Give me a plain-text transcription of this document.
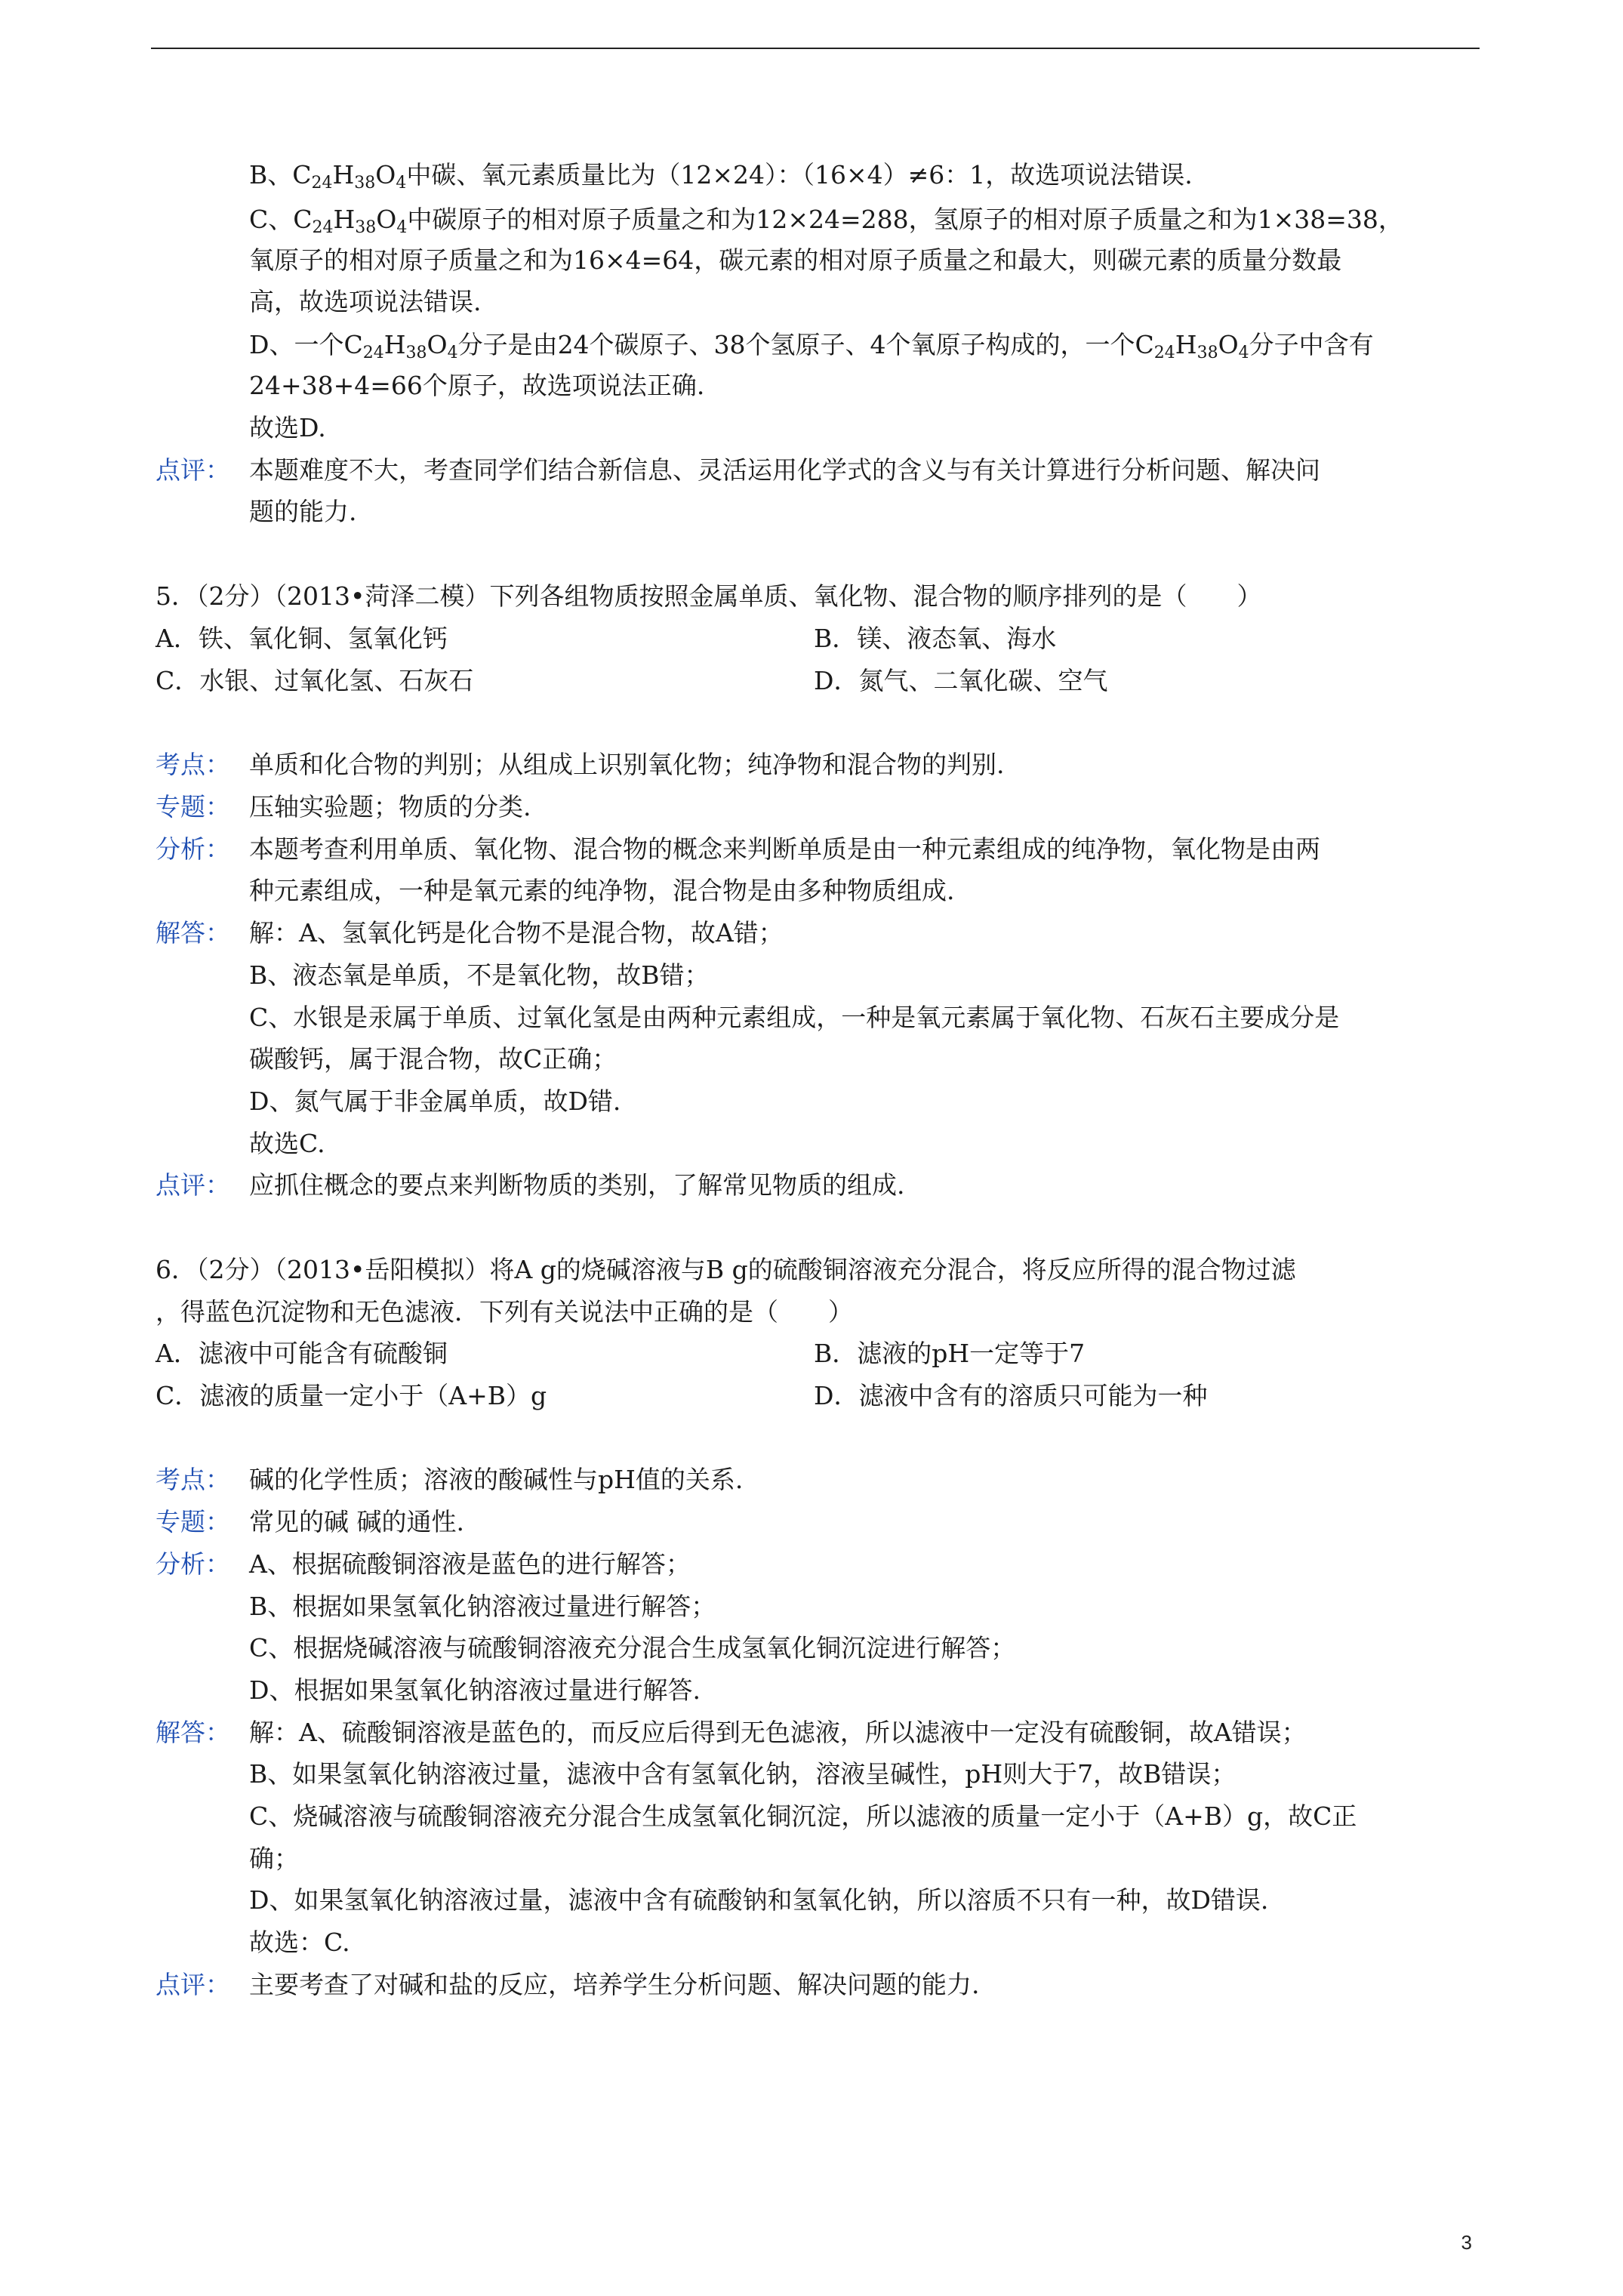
B、$C_{24}H_{38}O_4$中碳、氧元素质量比为（12×24）：（16×4）≠6：1，故选项说法错误.
C、$C_{24}H_{38}O_4$中碳原子的相对原子质量之和为12×24=288，氢原子的相对原子质量之和为1×38=38，
氧原子的相对原子质量之和为16×4=64，碳元素的相对原子质量之和最大，则碳元素的质量分数最
高，故选项说法错误.
D、一个$C_{24}H_{38}O_4$分子是由24个碳原子、38个氢原子、4个氧原子构成的，一个$C_{24}H_{38}O_4$分子中含有
24+38+4=66个原子，故选项说法正确.
故选D.
点评： 本题难度不大，考查同学们结合新信息、灵活运用化学式的含义与有关计算进行分析问题、解决问
题的能力.
5．（2分）（2013•菏泽二模）下列各组物质按照金属单质、氧化物、混合物的顺序排列的是（　　）
A．铁、氧化铜、氢氧化钙	B．镁、液态氧、海水
C．水银、过氧化氢、石灰石	D．氮气、二氧化碳、空气
考点： 单质和化合物的判别；从组成上识别氧化物；纯净物和混合物的判别.
专题： 压轴实验题；物质的分类.
分析： 本题考查利用单质、氧化物、混合物的概念来判断单质是由一种元素组成的纯净物，氧化物是由两
种元素组成，一种是氧元素的纯净物，混合物是由多种物质组成.
解答： 解：A、氢氧化钙是化合物不是混合物，故A错；
B、液态氧是单质，不是氧化物，故B错；
C、水银是汞属于单质、过氧化氢是由两种元素组成，一种是氧元素属于氧化物、石灰石主要成分是
碳酸钙，属于混合物，故C正确；
D、氮气属于非金属单质，故D错.
故选C.
点评： 应抓住概念的要点来判断物质的类别，了解常见物质的组成.
6．（2分）（2013•岳阳模拟）将A g的烧碱溶液与B g的硫酸铜溶液充分混合，将反应所得的混合物过滤
，得蓝色沉淀物和无色滤液．下列有关说法中正确的是（　　）
A．滤液中可能含有硫酸铜	B．滤液的pH一定等于7
C．滤液的质量一定小于（A+B）g	D．滤液中含有的溶质只可能为一种
考点： 碱的化学性质；溶液的酸碱性与pH值的关系.
专题： 常见的碱 碱的通性.
分析： A、根据硫酸铜溶液是蓝色的进行解答；
B、根据如果氢氧化钠溶液过量进行解答；
C、根据烧碱溶液与硫酸铜溶液充分混合生成氢氧化铜沉淀进行解答；
D、根据如果氢氧化钠溶液过量进行解答.
解答： 解：A、硫酸铜溶液是蓝色的，而反应后得到无色滤液，所以滤液中一定没有硫酸铜，故A错误；
B、如果氢氧化钠溶液过量，滤液中含有氢氧化钠，溶液呈碱性，pH则大于7，故B错误；
C、烧碱溶液与硫酸铜溶液充分混合生成氢氧化铜沉淀，所以滤液的质量一定小于（A+B）g，故C正
确；
D、如果氢氧化钠溶液过量，滤液中含有硫酸钠和氢氧化钠，所以溶质不只有一种，故D错误.
故选：C.
点评： 主要考查了对碱和盐的反应，培养学生分析问题、解决问题的能力.
3
